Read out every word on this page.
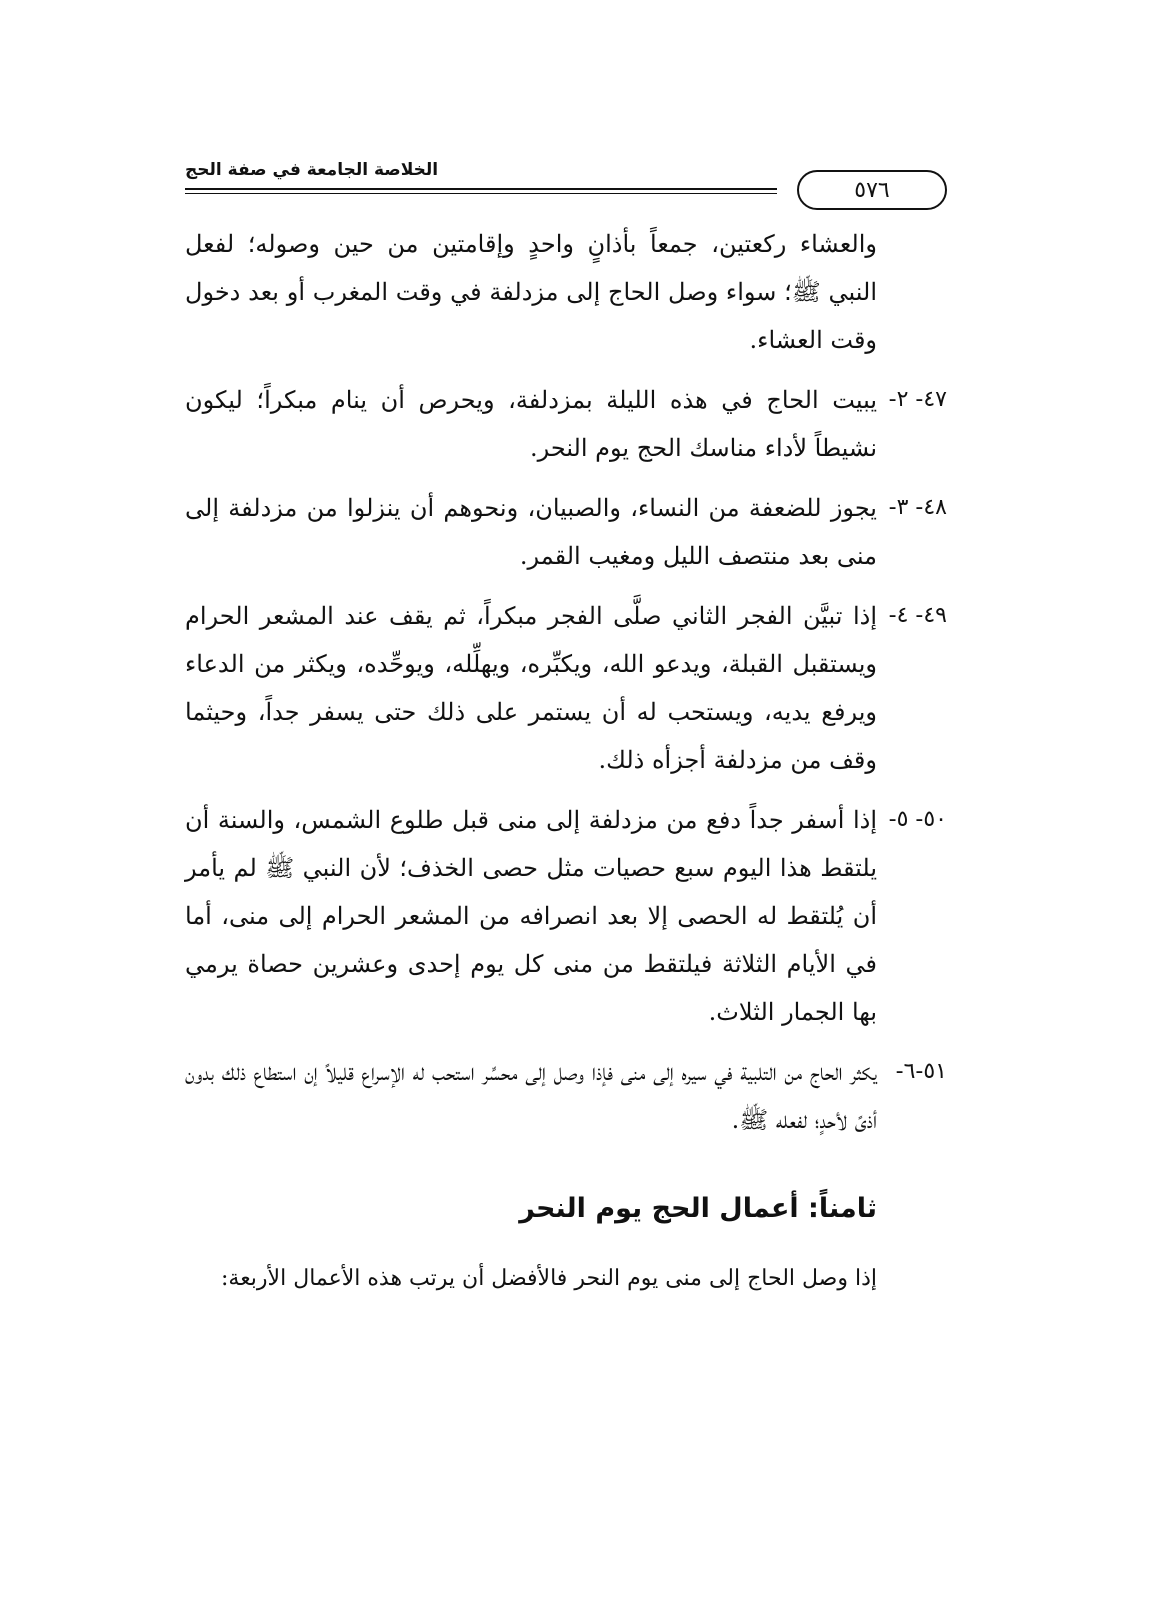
الخلاصة الجامعة في صفة الحج
٥٧٦

والعشاء ركعتين، جمعاً بأذانٍ واحدٍ وإقامتين من حين وصوله؛ لفعل النبي ﷺ؛ سواء وصل الحاج إلى مزدلفة في وقت المغرب أو بعد دخول وقت العشاء.

٤٧- ٢-
يبيت الحاج في هذه الليلة بمزدلفة، ويحرص أن ينام مبكراً؛ ليكون نشيطاً لأداء مناسك الحج يوم النحر.
٤٨- ٣-
يجوز للضعفة من النساء، والصبيان، ونحوهم أن ينزلوا من مزدلفة إلى منى بعد منتصف الليل ومغيب القمر.
٤٩- ٤-
إذا تبيَّن الفجر الثاني صلَّى الفجر مبكراً، ثم يقف عند المشعر الحرام ويستقبل القبلة، ويدعو الله، ويكبِّره، ويهلِّله، ويوحِّده، ويكثر من الدعاء ويرفع يديه، ويستحب له أن يستمر على ذلك حتى يسفر جداً، وحيثما وقف من مزدلفة أجزأه ذلك.
٥٠- ٥-
إذا أسفر جداً دفع من مزدلفة إلى منى قبل طلوع الشمس، والسنة أن يلتقط هذا اليوم سبع حصيات مثل حصى الخذف؛ لأن النبي ﷺ لم يأمر أن يُلتقط له الحصى إلا بعد انصرافه من المشعر الحرام إلى منى، أما في الأيام الثلاثة فيلتقط من منى كل يوم إحدى وعشرين حصاة يرمي بها الجمار الثلاث.
٥١-٦-
يكثر الحاج من التلبية في سيره إلى منى فإذا وصل إلى محسِّر استحب له الإسراع قليلاً إن استطاع ذلك بدون أذىً لأحدٍ؛ لفعله ﷺ.
ثامناً: أعمال الحج يوم النحر

إذا وصل الحاج إلى منى يوم النحر فالأفضل أن يرتب هذه الأعمال الأربعة:
